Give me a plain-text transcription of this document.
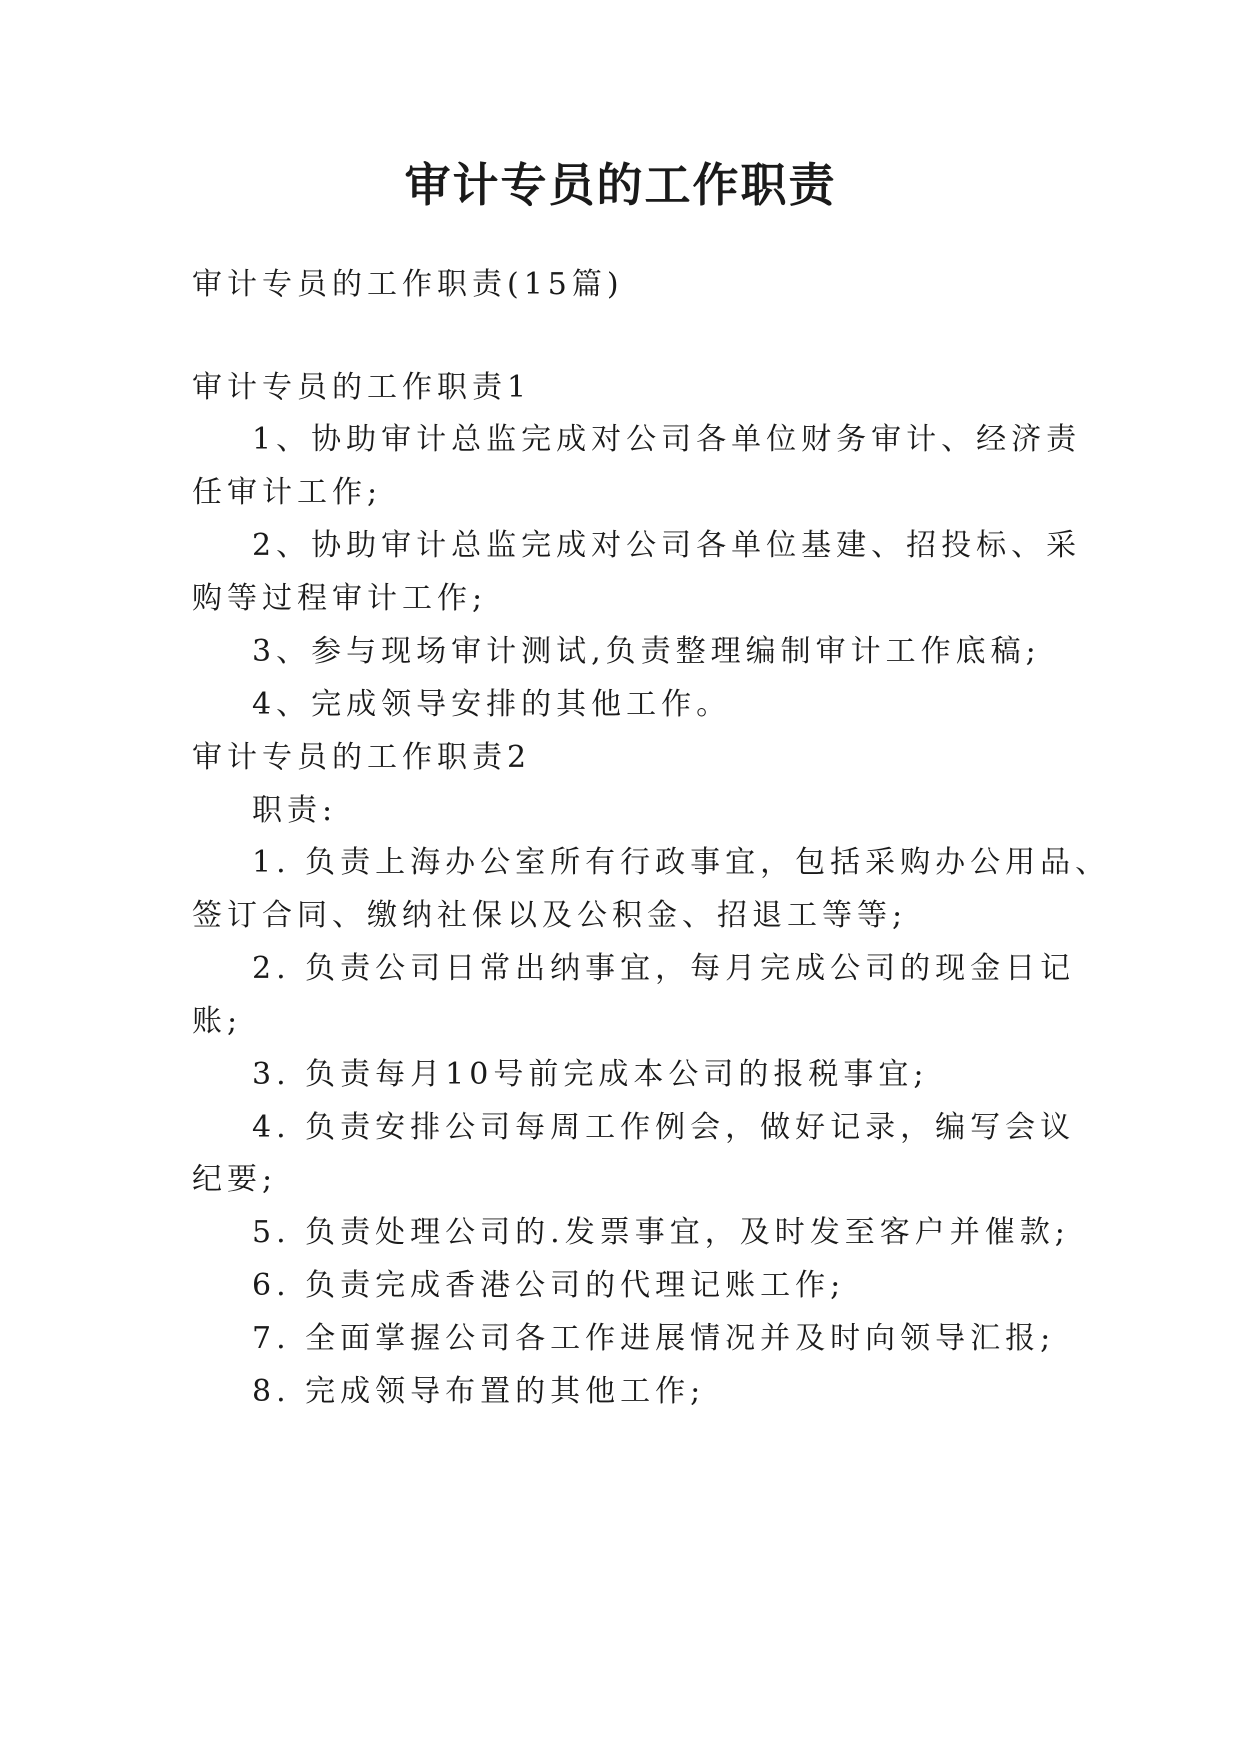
审计专员的工作职责
审计专员的工作职责(15篇)
审计专员的工作职责1
1、协助审计总监完成对公司各单位财务审计、经济责
任审计工作;
2、协助审计总监完成对公司各单位基建、招投标、采
购等过程审计工作;
3、参与现场审计测试,负责整理编制审计工作底稿;
4、完成领导安排的其他工作。
审计专员的工作职责2
职责:
1. 负责上海办公室所有行政事宜，包括采购办公用品、
签订合同、缴纳社保以及公积金、招退工等等;
2. 负责公司日常出纳事宜，每月完成公司的现金日记
账;
3. 负责每月10号前完成本公司的报税事宜;
4. 负责安排公司每周工作例会，做好记录，编写会议
纪要;
5. 负责处理公司的.发票事宜，及时发至客户并催款;
6. 负责完成香港公司的代理记账工作;
7. 全面掌握公司各工作进展情况并及时向领导汇报;
8. 完成领导布置的其他工作;
